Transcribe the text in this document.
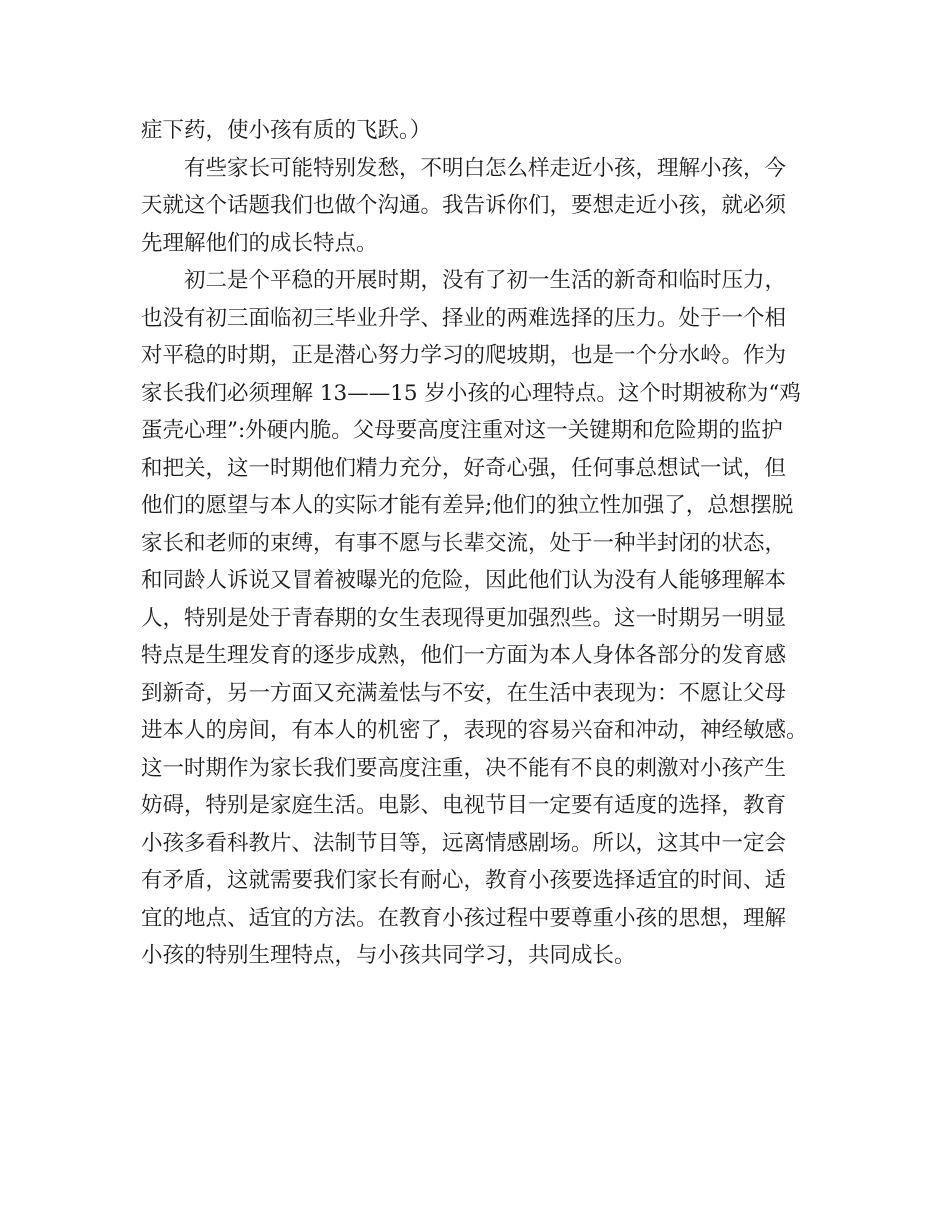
症下药，使小孩有质的飞跃。）
有些家长可能特别发愁，不明白怎么样走近小孩，理解小孩，今
天就这个话题我们也做个沟通。我告诉你们，要想走近小孩，就必须
先理解他们的成长特点。
初二是个平稳的开展时期，没有了初一生活的新奇和临时压力，
也没有初三面临初三毕业升学、择业的两难选择的压力。处于一个相
对平稳的时期，正是潜心努力学习的爬坡期，也是一个分水岭。作为
家长我们必须理解 13——15 岁小孩的心理特点。这个时期被称为“鸡
蛋壳心理”:外硬内脆。父母要高度注重对这一关键期和危险期的监护
和把关，这一时期他们精力充分，好奇心强，任何事总想试一试，但
他们的愿望与本人的实际才能有差异;他们的独立性加强了，总想摆脱
家长和老师的束缚，有事不愿与长辈交流，处于一种半封闭的状态，
和同龄人诉说又冒着被曝光的危险，因此他们认为没有人能够理解本
人，特别是处于青春期的女生表现得更加强烈些。这一时期另一明显
特点是生理发育的逐步成熟，他们一方面为本人身体各部分的发育感
到新奇，另一方面又充满羞怯与不安，在生活中表现为：不愿让父母
进本人的房间，有本人的机密了，表现的容易兴奋和冲动，神经敏感。
这一时期作为家长我们要高度注重，决不能有不良的刺激对小孩产生
妨碍，特别是家庭生活。电影、电视节目一定要有适度的选择，教育
小孩多看科教片、法制节目等，远离情感剧场。所以，这其中一定会
有矛盾，这就需要我们家长有耐心，教育小孩要选择适宜的时间、适
宜的地点、适宜的方法。在教育小孩过程中要尊重小孩的思想，理解
小孩的特别生理特点，与小孩共同学习，共同成长。
